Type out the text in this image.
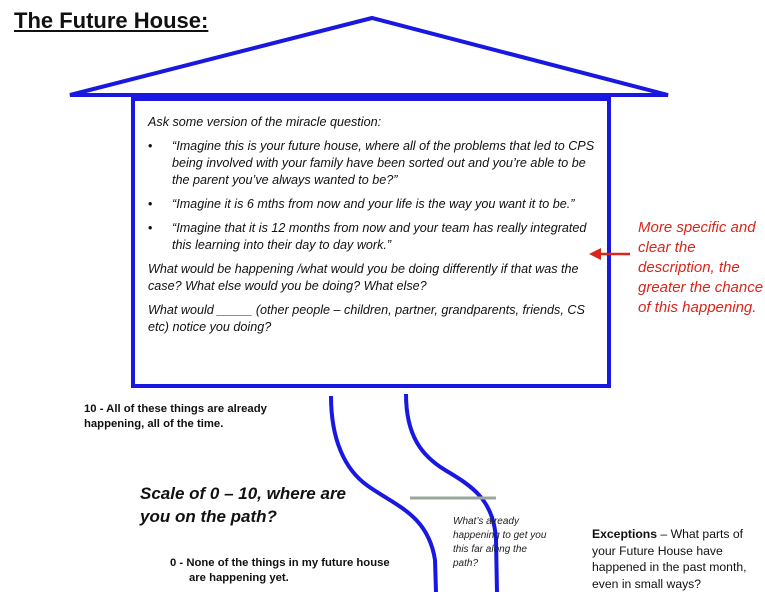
The Future House:

Ask some version of the miracle question:

• “Imagine this is your future house, where all of the problems that led to CPS being involved with your family have been sorted out and you’re able to be the parent you’ve always wanted to be?”
• “Imagine it is 6 mths from now and your life is the way you want it to be.”
• “Imagine that it is 12 months from now and your team has really integrated this learning into their day to day work.”

What would be happening /what would you be doing differently if that was the case? What else would you be doing? What else?

What would _____ (other people – children, partner, grandparents, friends, CS etc) notice you doing?

More specific and clear the description, the greater the chance of this happening.
10 - All of these things are already happening, all of the time.
Scale of 0 – 10, where are you on the path?
0 - None of the things in my future house
are happening yet.
What’s already happening to get you this far along the path?
Exceptions – What parts of your Future House have happened in the past month, even in small ways?
